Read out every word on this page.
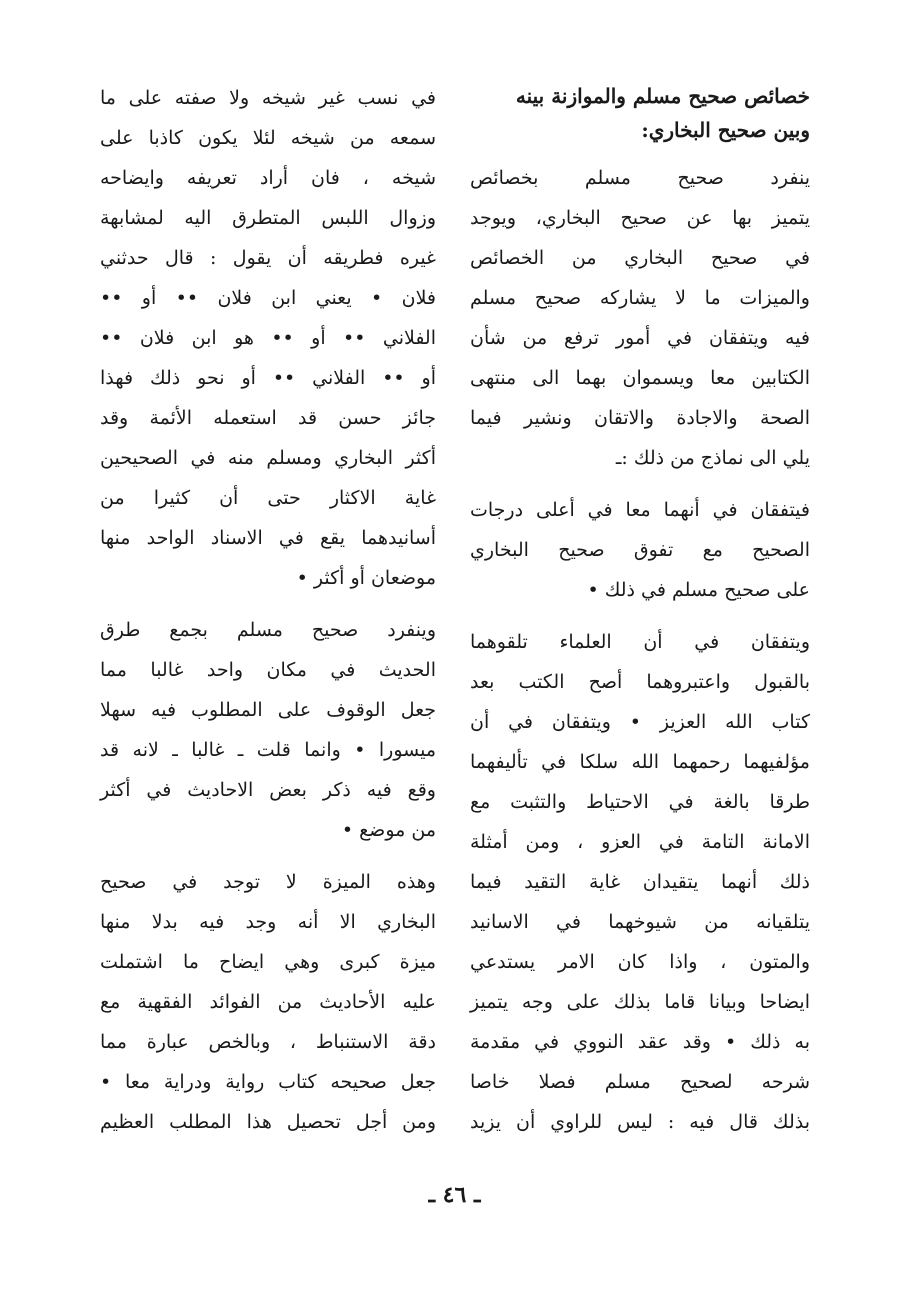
خصائص صحيح مسلم والموازنة بينه
وبين صحيح البخاري:
ينفرد صحيح مسلم بخصائص
يتميز بها عن صحيح البخاري، ويوجد
في صحيح البخاري من الخصائص
والميزات ما لا يشاركه صحيح مسلم
فيه ويتفقان في أمور ترفع من شأن
الكتابين معا ويسموان بهما الى منتهى
الصحة والاجادة والاتقان ونشير فيما
يلي الى نماذج من ذلك :ـ
فيتفقان في أنهما معا في أعلى درجات
الصحيح مع تفوق صحيح البخاري
على صحيح مسلم في ذلك •
ويتفقان في أن العلماء تلقوهما
بالقبول واعتبروهما أصح الكتب بعد
كتاب الله العزيز • ويتفقان في أن
مؤلفيهما رحمهما الله سلكا في تأليفهما
طرقا بالغة في الاحتياط والتثبت مع
الامانة التامة في العزو ، ومن أمثلة
ذلك أنهما يتقيدان غاية التقيد فيما
يتلقيانه من شيوخهما في الاسانيد
والمتون ، واذا كان الامر يستدعي
ايضاحا وبيانا قاما بذلك على وجه يتميز
به ذلك • وقد عقد النووي في مقدمة
شرحه لصحيح مسلم فصلا خاصا
بذلك قال فيه : ليس للراوي أن يزيد
في نسب غير شيخه ولا صفته على ما
سمعه من شيخه لئلا يكون كاذبا على
شيخه ، فان أراد تعريفه وايضاحه
وزوال اللبس المتطرق اليه لمشابهة
غيره فطريقه أن يقول : قال حدثني
فلان • يعني ابن فلان •• أو ••
الفلاني •• أو •• هو ابن فلان ••
أو •• الفلاني •• أو نحو ذلك فهذا
جائز حسن قد استعمله الأئمة وقد
أكثر البخاري ومسلم منه في الصحيحين
غاية الاكثار حتى أن كثيرا من
أسانيدهما يقع في الاسناد الواحد منها
موضعان أو أكثر •
وينفرد صحيح مسلم بجمع طرق
الحديث في مكان واحد غالبا مما
جعل الوقوف على المطلوب فيه سهلا
ميسورا • وانما قلت ـ غالبا ـ لانه قد
وقع فيه ذكر بعض الاحاديث في أكثر
من موضع •
وهذه الميزة لا توجد في صحيح
البخاري الا أنه وجد فيه بدلا منها
ميزة كبرى وهي ايضاح ما اشتملت
عليه الأحاديث من الفوائد الفقهية مع
دقة الاستنباط ، وبالخص عبارة مما
جعل صحيحه كتاب رواية ودراية معا •
ومن أجل تحصيل هذا المطلب العظيم
ـ ٤٦ ـ
